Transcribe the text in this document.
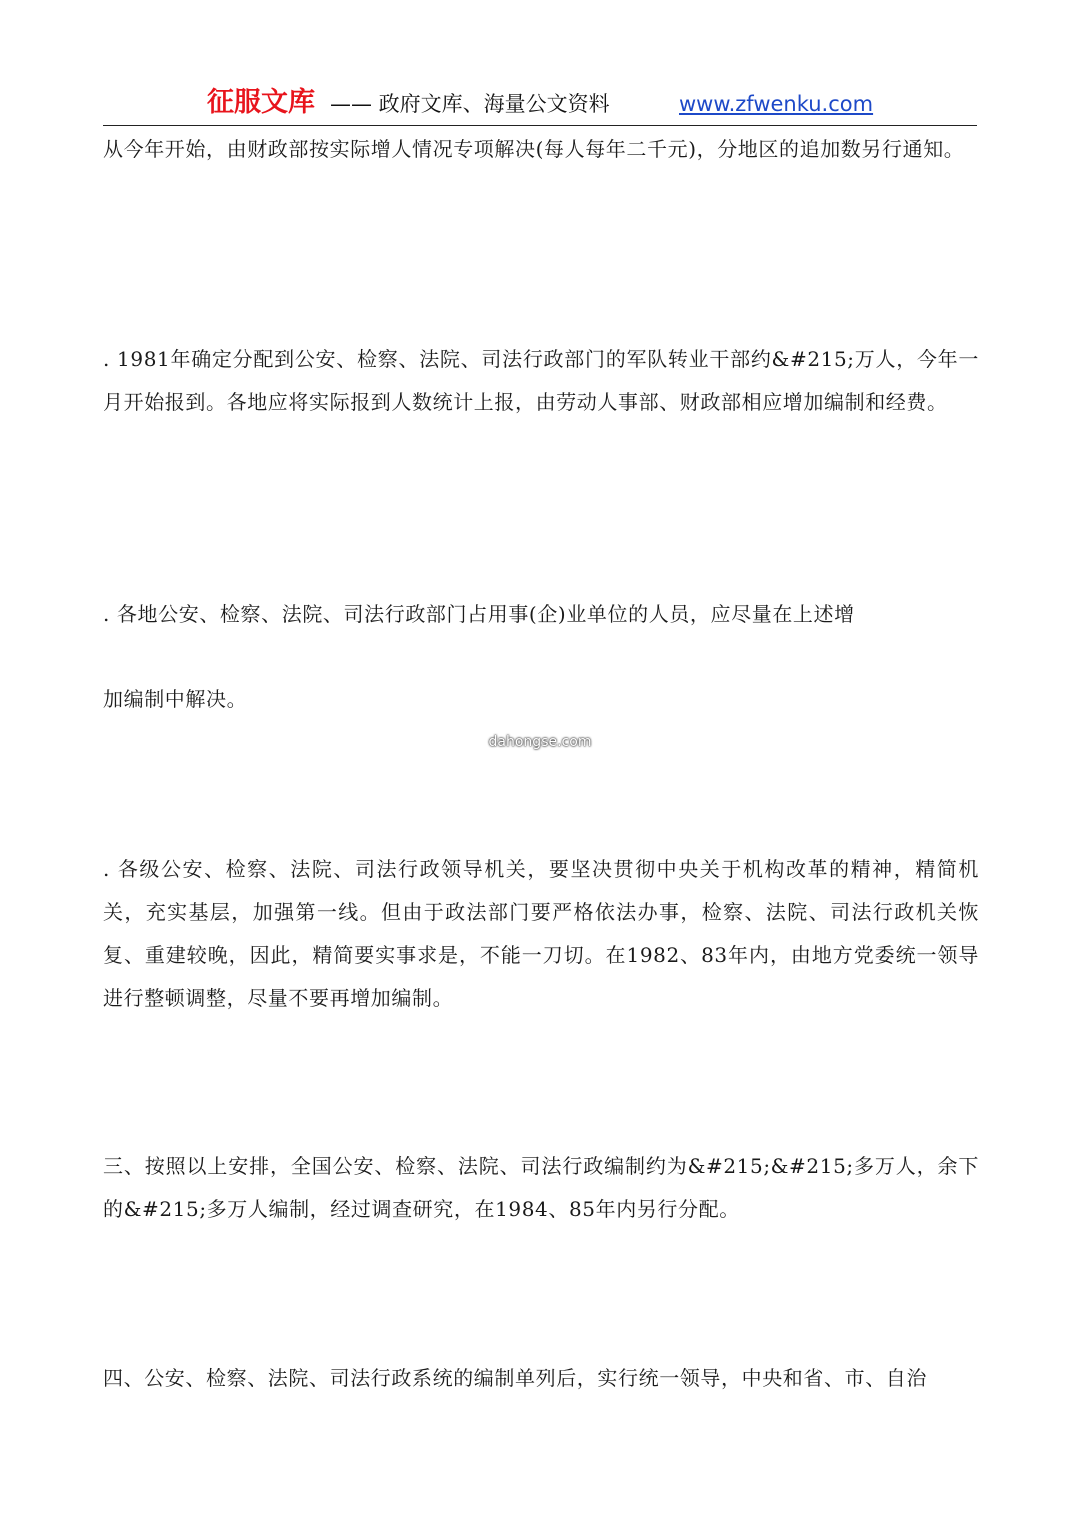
征服文库 —— 政府文库、海量公文资料	www.zfwenku.com

从今年开始，由财政部按实际增人情况专项解决(每人每年二千元)，分地区的追加数另行通知。

. 1981年确定分配到公安、检察、法院、司法行政部门的军队转业干部约&#215;万人，今年一月开始报到。各地应将实际报到人数统计上报，由劳动人事部、财政部相应增加编制和经费。

. 各地公安、检察、法院、司法行政部门占用事(企)业单位的人员，应尽量在上述增

加编制中解决。

dahongse.com

. 各级公安、检察、法院、司法行政领导机关，要坚决贯彻中央关于机构改革的精神，精简机关，充实基层，加强第一线。但由于政法部门要严格依法办事，检察、法院、司法行政机关恢复、重建较晚，因此，精简要实事求是，不能一刀切。在1982、83年内，由地方党委统一领导进行整顿调整，尽量不要再增加编制。

三、按照以上安排，全国公安、检察、法院、司法行政编制约为&#215;&#215;多万人，余下的&#215;多万人编制，经过调查研究，在1984、85年内另行分配。

四、公安、检察、法院、司法行政系统的编制单列后，实行统一领导，中央和省、市、自治
